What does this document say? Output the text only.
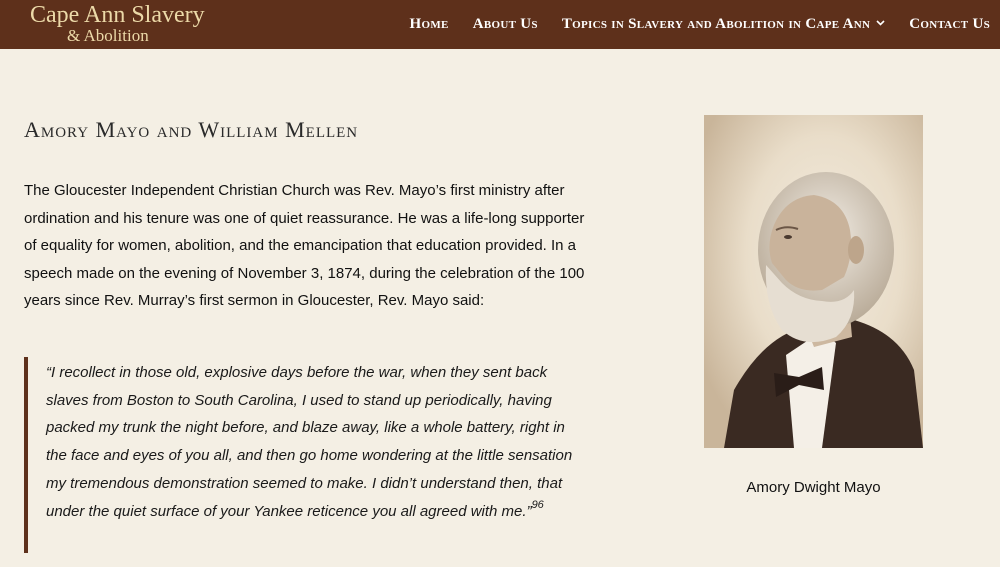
Cape Ann Slavery
& Abolition
Home About Us Topics in Slavery and Abolition in Cape Ann	Contact Us
Amory Mayo and William Mellen

The Gloucester Independent Christian Church was Rev. Mayo’s first ministry after ordination and his tenure was one of quiet reassurance. He was a life-long supporter of equality for women, abolition, and the emancipation that education provided. In a speech made on the evening of November 3, 1874, during the celebration of the 100 years since Rev. Murray’s first sermon in Gloucester, Rev. Mayo said:

“I recollect in those old, explosive days before the war, when they sent back slaves from Boston to South Carolina, I used to stand up periodically, having packed my trunk the night before, and blaze away, like a whole battery, right in the face and eyes of you all, and then go home wondering at the little sensation my tremendous demonstration seemed to make. I didn’t understand then, that under the quiet surface of your Yankee reticence you all agreed with me.”$^{96}$

Amory Dwight Mayo
